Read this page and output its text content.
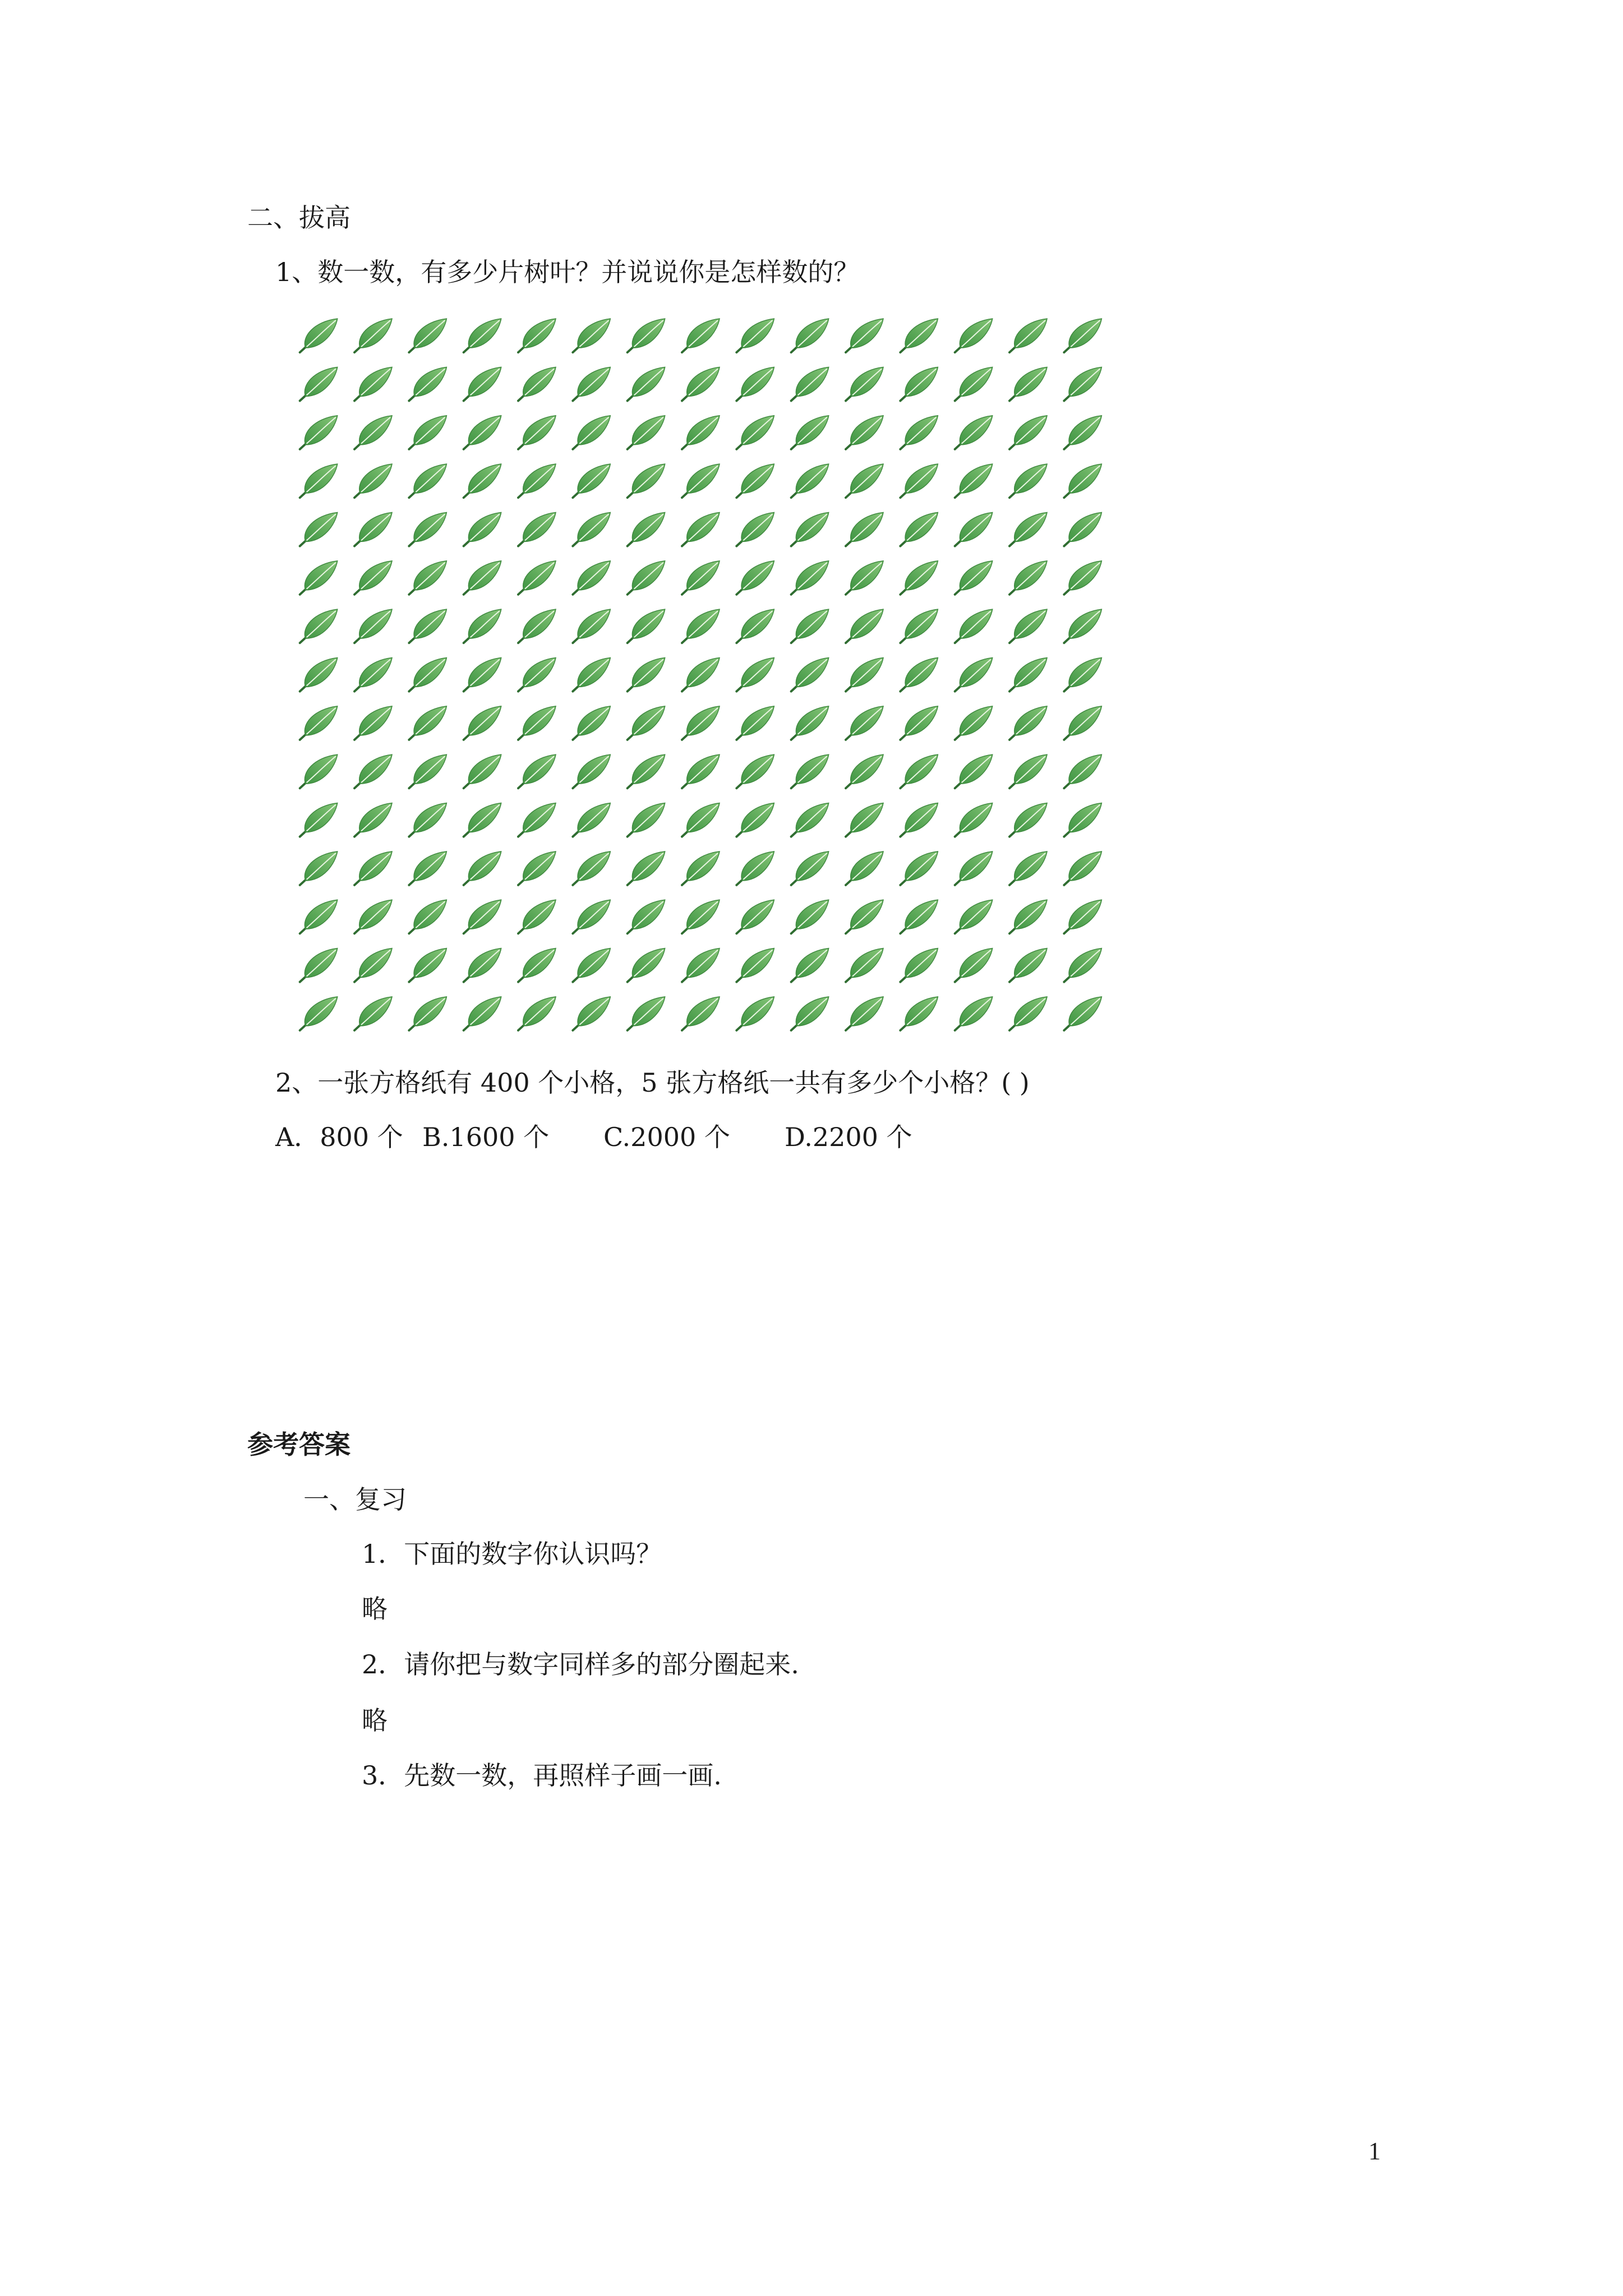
二、拔高
1、数一数，有多少片树叶？并说说你是怎样数的？
2、一张方格纸有 400 个小格，5 张方格纸一共有多少个小格？( )
A．800 个 B.1600 个 C.2000 个 D.2200 个
参考答案
一、复习
1．下面的数字你认识吗？
略
2．请你把与数字同样多的部分圈起来.
略
3．先数一数，再照样子画一画.
1
